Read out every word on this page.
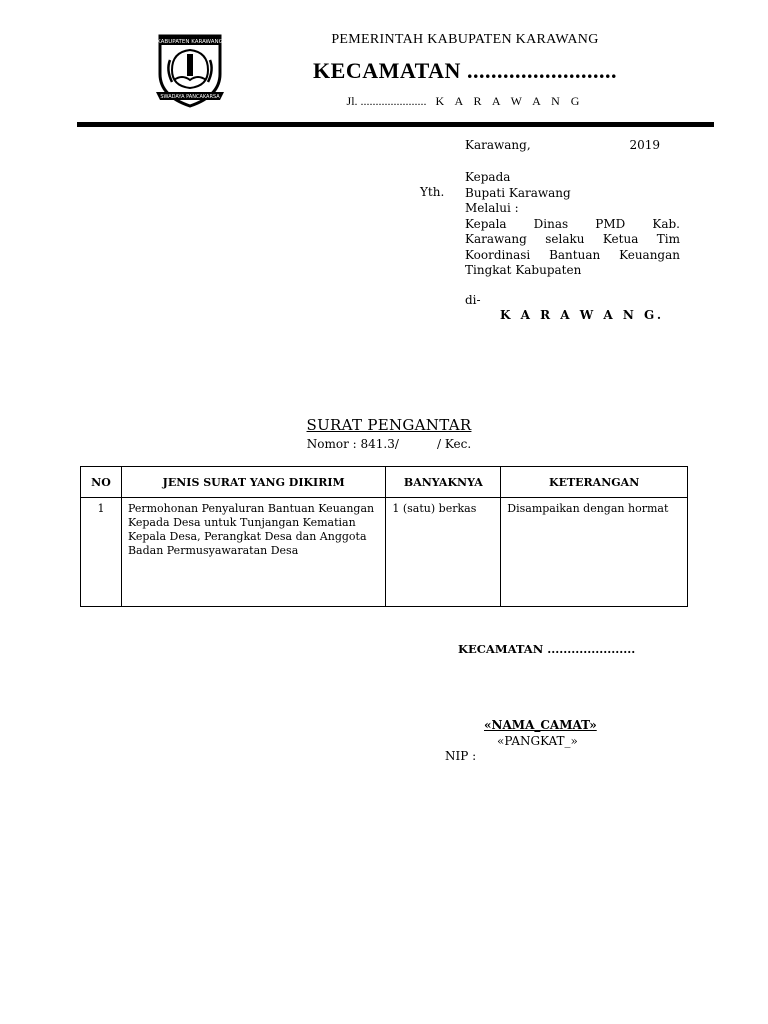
KABUPATEN KARAWANG
SWADAYA PANCAKARSA
PEMERINTAH KABUPATEN KARAWANG
KECAMATAN .........................
Jl. ...................... K A R A W A N G
Karawang,	2019
Yth.
Kepada
Bupati Karawang
Melalui :
Kepala Dinas PMD Kab.
Karawang selaku Ketua Tim
Koordinasi Bantuan Keuangan
Tingkat Kabupaten
di-
K A R A W A N G.
SURAT PENGANTAR
Nomor : 841.3/          / Kec.
NO	JENIS SURAT YANG DIKIRIM	BANYAKNYA	KETERANGAN
1	Permohonan Penyaluran Bantuan Keuangan Kepada Desa untuk Tunjangan Kematian Kepala Desa, Perangkat Desa dan Anggota Badan Permusyawaratan Desa	1 (satu) berkas	Disampaikan dengan hormat
KECAMATAN ......................
«NAMA_CAMAT»
«PANGKAT_»
NIP :
